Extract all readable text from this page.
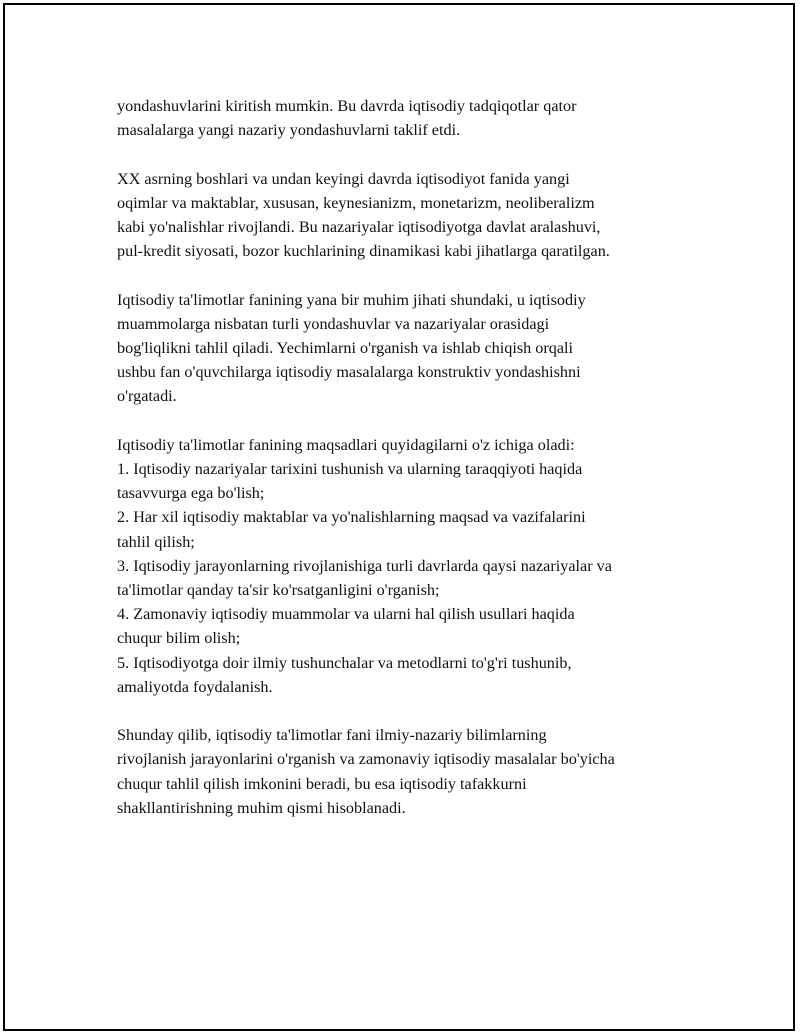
yondashuvlarini kiritish mumkin. Bu davrda iqtisodiy tadqiqotlar qator
masalalarga yangi nazariy yondashuvlarni taklif etdi.

XX asrning boshlari va undan keyingi davrda iqtisodiyot fanida yangi
oqimlar va maktablar, xususan, keynesianizm, monetarizm, neoliberalizm
kabi yo'nalishlar rivojlandi. Bu nazariyalar iqtisodiyotga davlat aralashuvi,
pul-kredit siyosati, bozor kuchlarining dinamikasi kabi jihatlarga qaratilgan.

Iqtisodiy ta'limotlar fanining yana bir muhim jihati shundaki, u iqtisodiy
muammolarga nisbatan turli yondashuvlar va nazariyalar orasidagi
bog'liqlikni tahlil qiladi. Yechimlarni o'rganish va ishlab chiqish orqali
ushbu fan o'quvchilarga iqtisodiy masalalarga konstruktiv yondashishni
o'rgatadi.

Iqtisodiy ta'limotlar fanining maqsadlari quyidagilarni o'z ichiga oladi:
1. Iqtisodiy nazariyalar tarixini tushunish va ularning taraqqiyoti haqida
tasavvurga ega bo'lish;
2. Har xil iqtisodiy maktablar va yo'nalishlarning maqsad va vazifalarini
tahlil qilish;
3. Iqtisodiy jarayonlarning rivojlanishiga turli davrlarda qaysi nazariyalar va
ta'limotlar qanday ta'sir ko'rsatganligini o'rganish;
4. Zamonaviy iqtisodiy muammolar va ularni hal qilish usullari haqida
chuqur bilim olish;
5. Iqtisodiyotga doir ilmiy tushunchalar va metodlarni to'g'ri tushunib,
amaliyotda foydalanish.

Shunday qilib, iqtisodiy ta'limotlar fani ilmiy-nazariy bilimlarning
rivojlanish jarayonlarini o'rganish va zamonaviy iqtisodiy masalalar bo'yicha
chuqur tahlil qilish imkonini beradi, bu esa iqtisodiy tafakkurni
shakllantirishning muhim qismi hisoblanadi.
